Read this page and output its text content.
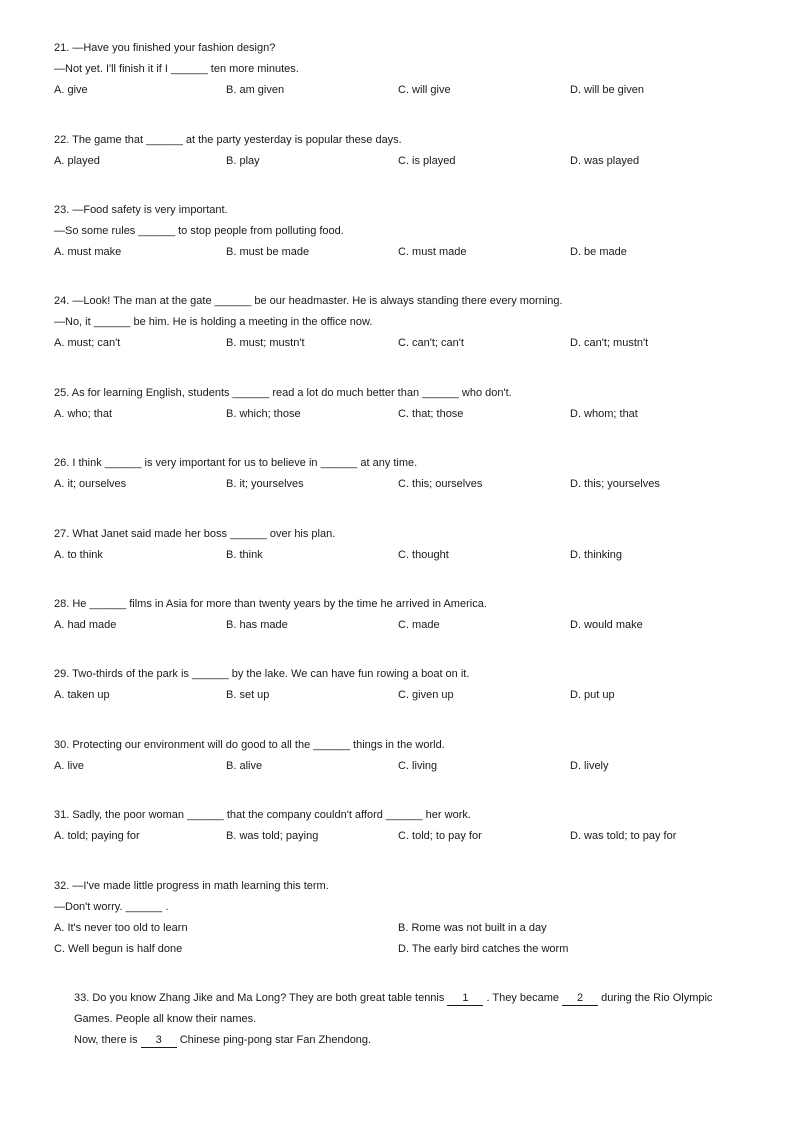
21. —Have you finished your fashion design?
—Not yet. I'll finish it if I ______ ten more minutes.
A. give	B. am given	C. will give	D. will be given
22. The game that ______ at the party yesterday is popular these days.
A. played	B. play	C. is played	D. was played
23. —Food safety is very important.
—So some rules ______ to stop people from polluting food.
A. must make	B. must be made	C. must made	D. be made
24. —Look! The man at the gate ______ be our headmaster. He is always standing there every morning.
—No, it ______ be him. He is holding a meeting in the office now.
A. must; can't	B. must; mustn't	C. can't; can't	D. can't; mustn't
25. As for learning English, students ______ read a lot do much better than ______ who don't.
A. who; that	B. which; those	C. that; those	D. whom; that
26. I think ______ is very important for us to believe in ______ at any time.
A. it; ourselves	B. it; yourselves	C. this; ourselves	D. this; yourselves
27. What Janet said made her boss ______ over his plan.
A. to think	B. think	C. thought	D. thinking
28. He ______ films in Asia for more than twenty years by the time he arrived in America.
A. had made	B. has made	C. made	D. would make
29. Two-thirds of the park is ______ by the lake. We can have fun rowing a boat on it.
A. taken up	B. set up	C. given up	D. put up
30. Protecting our environment will do good to all the ______ things in the world.
A. live	B. alive	C. living	D. lively
31. Sadly, the poor woman ______ that the company couldn't afford ______ her work.
A. told; paying for	B. was told; paying	C. told; to pay for	D. was told; to pay for
32. —I've made little progress in math learning this term.
—Don't worry. ______ .
A. It's never too old to learn	B. Rome was not built in a day
C. Well begun is half done	D. The early bird catches the worm
33. Do you know Zhang Jike and Ma Long? They are both great table tennis 1 . They became 2 during the Rio Olympic Games. People all know their names.
Now, there is 3 Chinese ping-pong star Fan Zhendong.
